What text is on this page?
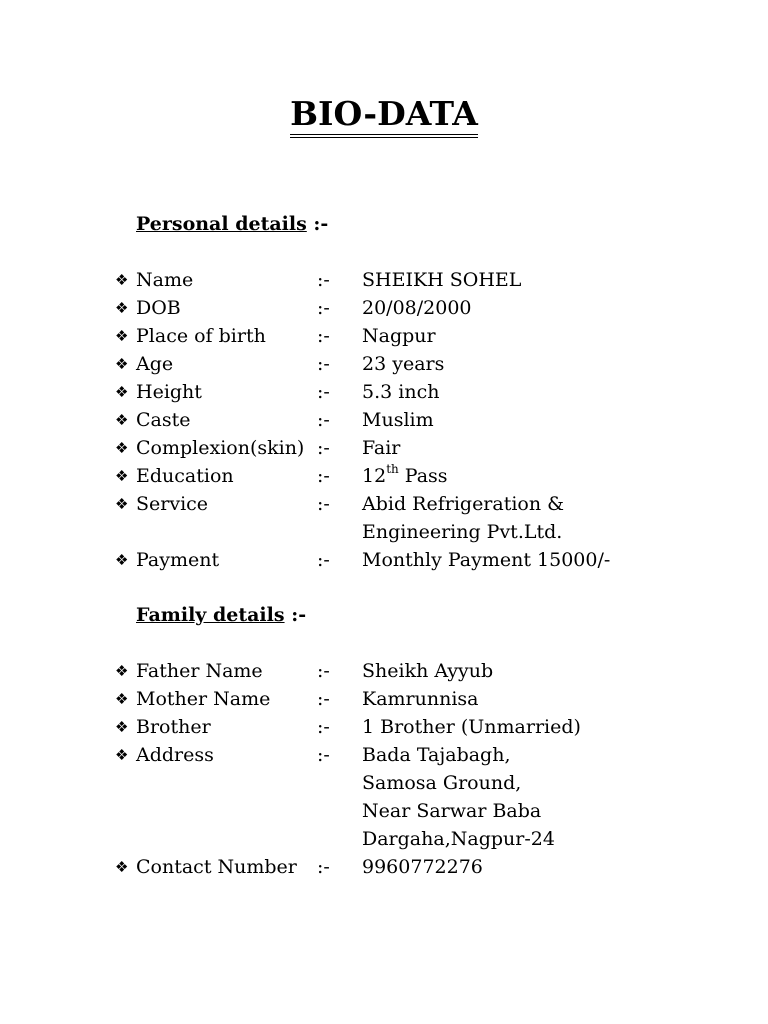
BIO-DATA
Personal details :-
❖ Name	:- SHEIKH SOHEL
❖ DOB	:- 20/08/2000
❖ Place of birth	:- Nagpur
❖ Age	:- 23 years
❖ Height	:- 5.3 inch
❖ Caste	:- Muslim
❖ Complexion(skin) :- Fair
❖ Education	:- 12th Pass
❖ Service	:- Abid Refrigeration &
Engineering Pvt.Ltd.
❖ Payment	:- Monthly Payment 15000/-
Family details :-
❖ Father Name	:- Sheikh Ayyub
❖ Mother Name :- Kamrunnisa
❖ Brother	:- 1 Brother (Unmarried)
❖ Address	:- Bada Tajabagh,
Samosa Ground,
Near Sarwar Baba
Dargaha,Nagpur-24
❖ Contact Number :- 9960772276
